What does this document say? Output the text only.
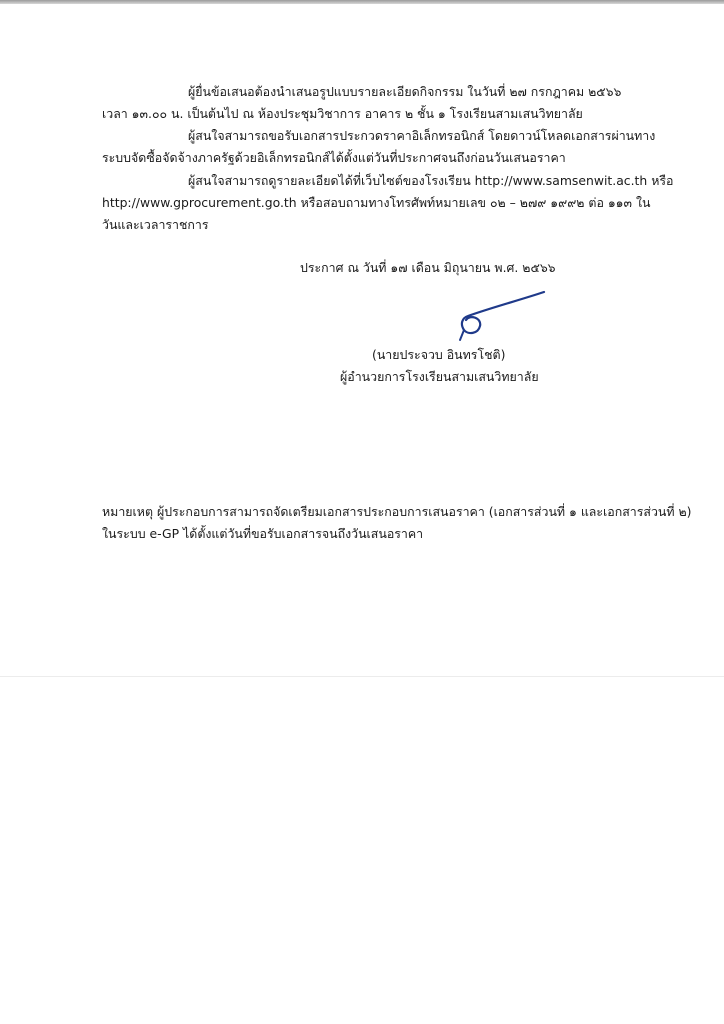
ผู้ยื่นข้อเสนอต้องนำเสนอรูปแบบรายละเอียดกิจกรรม ในวันที่ ๒๗ กรกฎาคม ๒๕๖๖
เวลา ๑๓.๐๐ น. เป็นต้นไป ณ ห้องประชุมวิชาการ อาคาร ๒ ชั้น ๑ โรงเรียนสามเสนวิทยาลัย
ผู้สนใจสามารถขอรับเอกสารประกวดราคาอิเล็กทรอนิกส์ โดยดาวน์โหลดเอกสารผ่านทาง
ระบบจัดซื้อจัดจ้างภาครัฐด้วยอิเล็กทรอนิกส์ได้ตั้งแต่วันที่ประกาศจนถึงก่อนวันเสนอราคา
ผู้สนใจสามารถดูรายละเอียดได้ที่เว็บไซต์ของโรงเรียน http://www.samsenwit.ac.th หรือ
http://www.gprocurement.go.th หรือสอบถามทางโทรศัพท์หมายเลข ๐๒ – ๒๗๙ ๑๙๙๒ ต่อ ๑๑๓ ใน
วันและเวลาราชการ
ประกาศ ณ วันที่ ๑๗ เดือน มิถุนายน พ.ศ. ๒๕๖๖
(นายประจวบ อินทรโชติ)
ผู้อำนวยการโรงเรียนสามเสนวิทยาลัย
หมายเหตุ ผู้ประกอบการสามารถจัดเตรียมเอกสารประกอบการเสนอราคา (เอกสารส่วนที่ ๑ และเอกสารส่วนที่ ๒)
ในระบบ e-GP ได้ตั้งแต่วันที่ขอรับเอกสารจนถึงวันเสนอราคา
